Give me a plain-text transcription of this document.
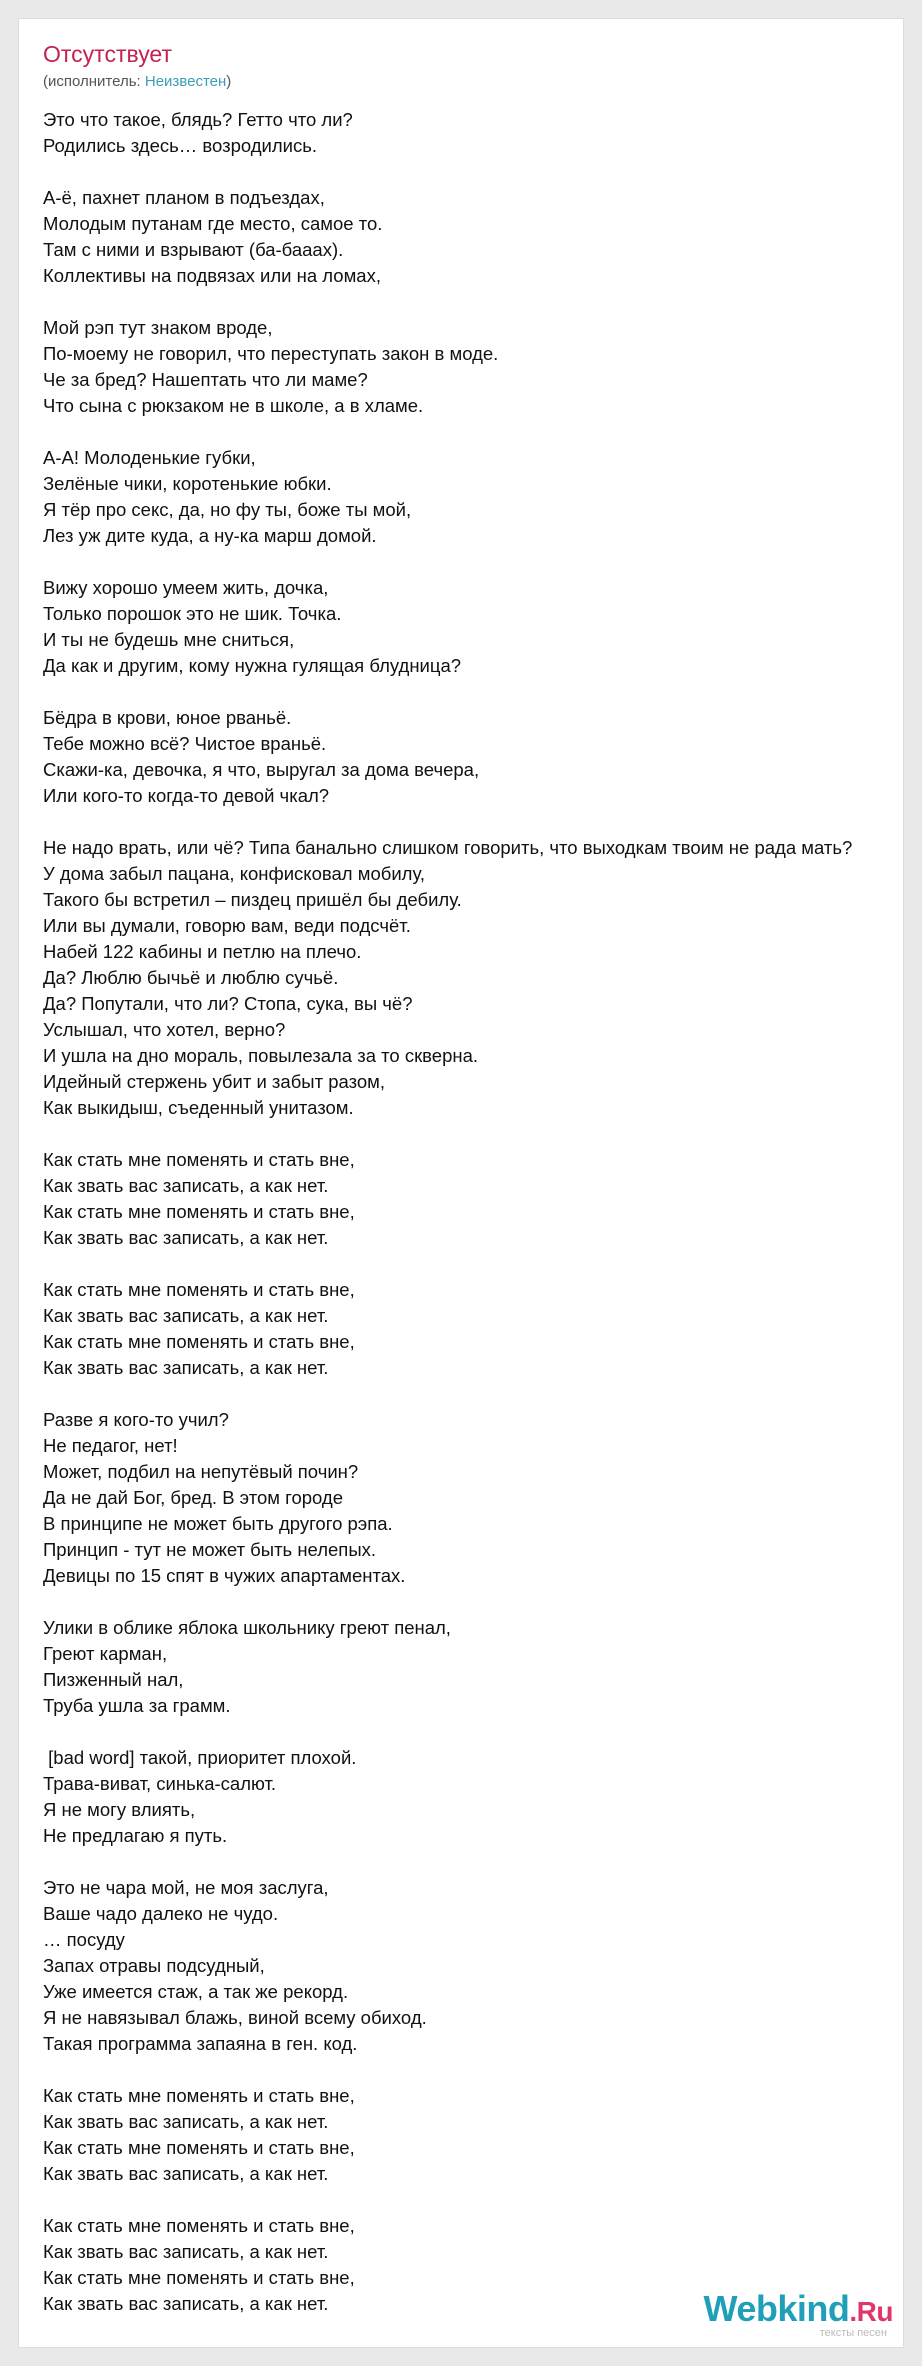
Отсутствует
(исполнитель: Неизвестен)
Это что такое, блядь? Гетто что ли?
Родились здесь… возродились.
А-ё, пахнет планом в подъездах,
Молодым путанам где место, самое то.
Там с ними и взрывают (ба-бааах).
Коллективы на подвязах или на ломах,
Мой рэп тут знаком вроде,
По-моему не говорил, что переступать закон в моде.
Че за бред? Нашептать что ли маме?
Что сына с рюкзаком не в школе, а в хламе.
А-А! Молоденькие губки,
Зелёные чики, коротенькие юбки.
Я тёр про секс, да, но фу ты, боже ты мой,
Лез уж дите куда, а ну-ка марш домой.
Вижу хорошо умеем жить, дочка,
Только порошок это не шик. Точка.
И ты не будешь мне сниться,
Да как и другим, кому нужна гулящая блудница?
Бёдра в крови, юное рваньё.
Тебе можно всё? Чистое враньё.
Скажи-ка, девочка, я что, выругал за дома вечера,
Или кого-то когда-то девой чкал?
Не надо врать, или чё? Типа банально слишком говорить, что выходкам твоим не рада мать?
У дома забыл пацана, конфисковал мобилу,
Такого бы встретил – пиздец пришёл бы дебилу.
Или вы думали, говорю вам, веди подсчёт.
Набей 122 кабины и петлю на плечо.
Да? Люблю бычьё и люблю сучьё.
Да? Попутали, что ли? Стопа, сука, вы чё?
Услышал, что хотел, верно?
И ушла на дно мораль, повылезала за то скверна.
Идейный стержень убит и забыт разом,
Как выкидыш, съеденный унитазом.
Как стать мне поменять и стать вне,
Как звать вас записать, а как нет.
Как стать мне поменять и стать вне,
Как звать вас записать, а как нет.
Как стать мне поменять и стать вне,
Как звать вас записать, а как нет.
Как стать мне поменять и стать вне,
Как звать вас записать, а как нет.
Разве я кого-то учил?
Не педагог, нет!
Может, подбил на непутёвый почин?
Да не дай Бог, бред. В этом городе
В принципе не может быть другого рэпа.
Принцип - тут не может быть нелепых.
Девицы по 15 спят в чужих апартаментах.
Улики в облике яблока школьнику греют пенал,
Греют карман,
Пизженный нал,
Труба ушла за грамм.
[bad word] такой, приоритет плохой.
Трава-виват, синька-салют.
Я не могу влиять,
Не предлагаю я путь.
Это не чара мой, не моя заслуга,
Ваше чадо далеко не чудо.
… посуду
Запах отравы подсудный,
Уже имеется стаж, а так же рекорд.
Я не навязывал блажь, виной всему обиход.
Такая программа запаяна в ген. код.
Как стать мне поменять и стать вне,
Как звать вас записать, а как нет.
Как стать мне поменять и стать вне,
Как звать вас записать, а как нет.
Как стать мне поменять и стать вне,
Как звать вас записать, а как нет.
Как стать мне поменять и стать вне,
Как звать вас записать, а как нет.	Webkind.Ru
тексты песен
